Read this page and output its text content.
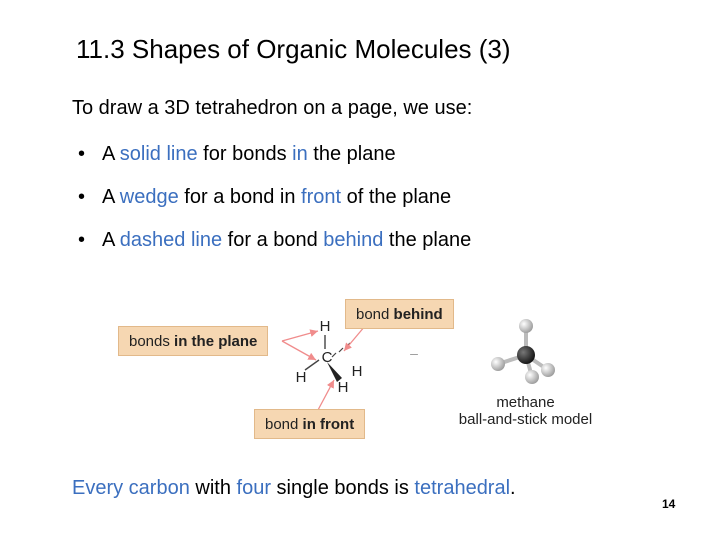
11.3 Shapes of Organic Molecules (3)
To draw a 3D tetrahedron on a page, we use:
• A solid line for bonds in the plane
• A wedge for a bond in front of the plane
• A dashed line for a bond behind the plane
H
C
H	H
H
–
bonds in the plane
bond behind
bond in front
methane
ball-and-stick model
Every carbon with four single bonds is tetrahedral.
14
